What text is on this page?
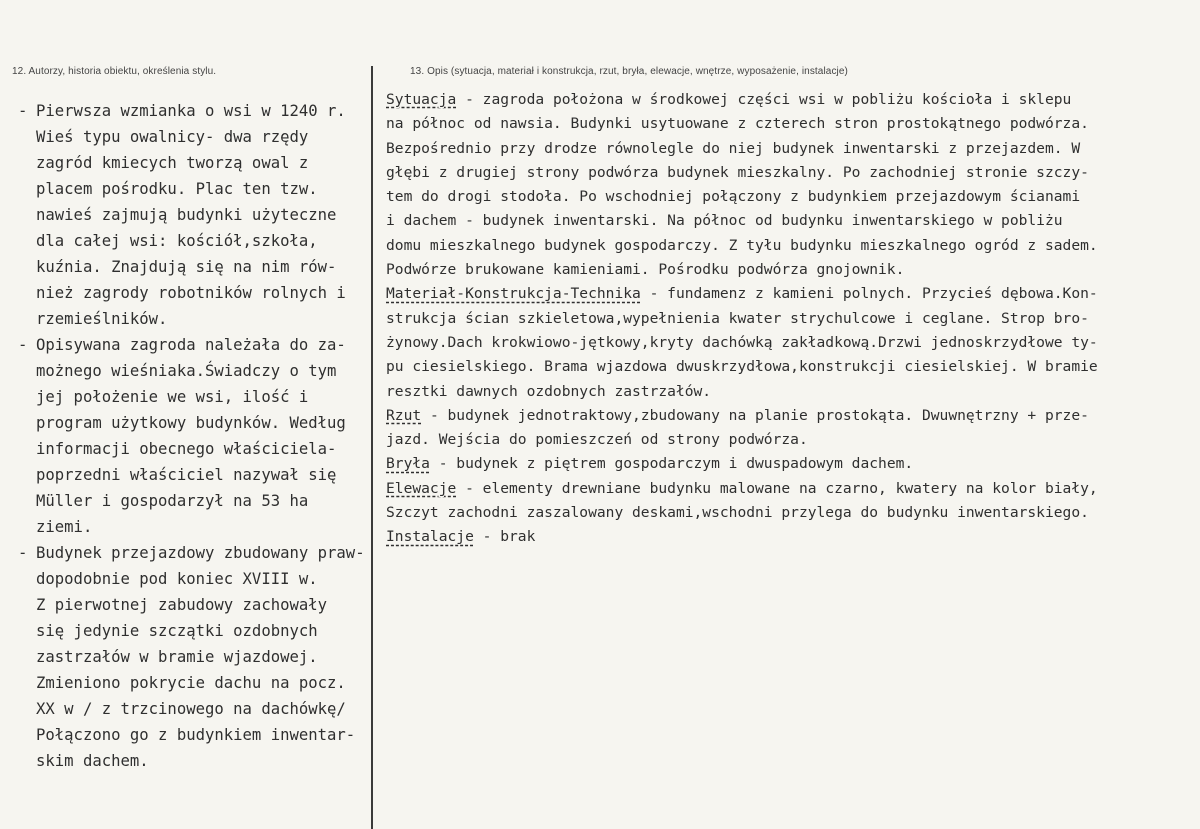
12. Autorzy, historia obiektu, określenia stylu.	13. Opis (sytuacja, materiał i konstrukcja, rzut, bryła, elewacje, wnętrze, wyposażenie, instalacje)
- Pierwsza wzmianka o wsi w 1240 r.
Wieś typu owalnicy- dwa rzędy
zagród kmiecych tworzą owal z
placem pośrodku. Plac ten tzw.
nawieś zajmują budynki użyteczne
dla całej wsi: kościół,szkoła,
kuźnia. Znajdują się na nim rów-
nież zagrody robotników rolnych i
rzemieślników.
- Opisywana zagroda należała do za-
możnego wieśniaka.Świadczy o tym
jej położenie we wsi, ilość i
program użytkowy budynków. Według
informacji obecnego właściciela-
poprzedni właściciel nazywał się
Müller i gospodarzył na 53 ha
ziemi.
- Budynek przejazdowy zbudowany praw-
dopodobnie pod koniec XVIII w.
Z pierwotnej zabudowy zachowały
się jedynie szczątki ozdobnych
zastrzałów w bramie wjazdowej.
Zmieniono pokrycie dachu na pocz.
XX w / z trzcinowego na dachówkę/
Połączono go z budynkiem inwentar-
skim dachem.
Sytuacja - zagroda położona w środkowej części wsi w pobliżu kościoła i sklepu
na północ od nawsia. Budynki usytuowane z czterech stron prostokątnego podwórza.
Bezpośrednio przy drodze równolegle do niej budynek inwentarski z przejazdem. W
głębi z drugiej strony podwórza budynek mieszkalny. Po zachodniej stronie szczy-
tem do drogi stodoła. Po wschodniej połączony z budynkiem przejazdowym ścianami
i dachem - budynek inwentarski. Na północ od budynku inwentarskiego w pobliżu
domu mieszkalnego budynek gospodarczy. Z tyłu budynku mieszkalnego ogród z sadem.
Podwórze brukowane kamieniami. Pośrodku podwórza gnojownik.
Materiał-Konstrukcja-Technika - fundamenz z kamieni polnych. Przycieś dębowa.Kon-
strukcja ścian szkieletowa,wypełnienia kwater strychulcowe i ceglane. Strop bro-
żynowy.Dach krokwiowo-jętkowy,kryty dachówką zakładkową.Drzwi jednoskrzydłowe ty-
pu ciesielskiego. Brama wjazdowa dwuskrzydłowa,konstrukcji ciesielskiej. W bramie
resztki dawnych ozdobnych zastrzałów.
Rzut - budynek jednotraktowy,zbudowany na planie prostokąta. Dwuwnętrzny + prze-
jazd. Wejścia do pomieszczeń od strony podwórza.
Bryła - budynek z piętrem gospodarczym i dwuspadowym dachem.
Elewacje - elementy drewniane budynku malowane na czarno, kwatery na kolor biały,
Szczyt zachodni zaszalowany deskami,wschodni przylega do budynku inwentarskiego.
Instalacje - brak
